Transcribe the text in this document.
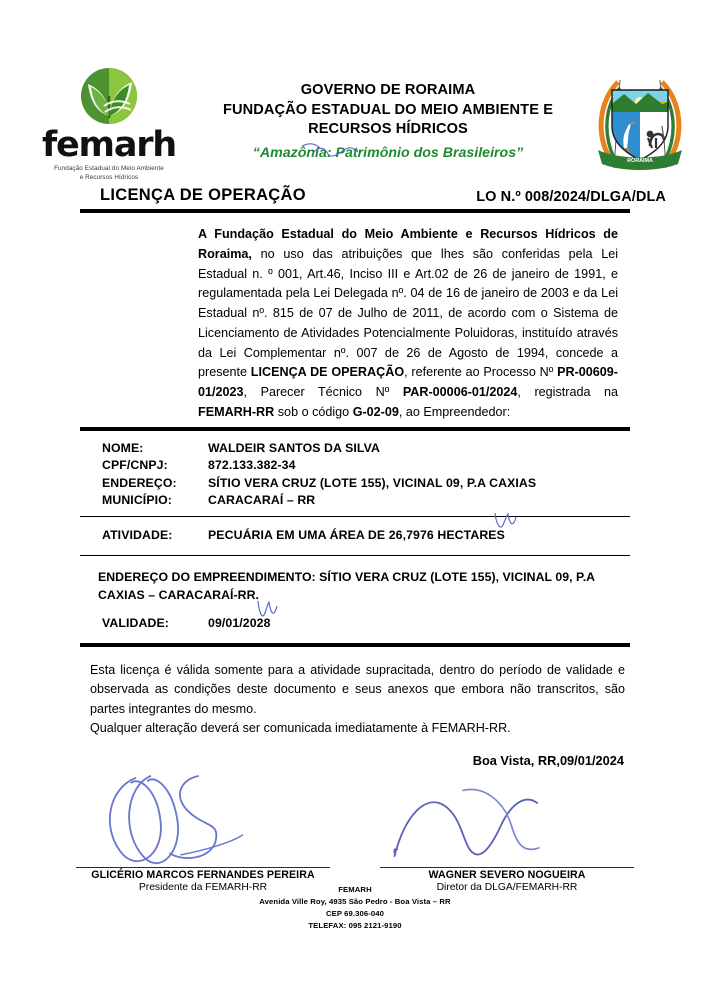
femarh
Fundação Estadual do Meio Ambiente
e Recursos Hídricos
GOVERNO DE RORAIMA
FUNDAÇÃO ESTADUAL DO MEIO AMBIENTE E
RECURSOS HÍDRICOS
“Amazônia: Patrimônio dos Brasileiros”
RORAIMA
LICENÇA DE OPERAÇÃO	LO N.º 008/2024/DLGA/DLA
A Fundação Estadual do Meio Ambiente e Recursos Hídricos de Roraima, no uso das atribuições que lhes são conferidas pela Lei Estadual n. º 001, Art.46, Inciso III e Art.02 de 26 de janeiro de 1991, e regulamentada pela Lei Delegada nº. 04 de 16 de janeiro de 2003 e da Lei Estadual nº. 815 de 07 de Julho de 2011, de acordo com o Sistema de Licenciamento de Atividades Potencialmente Poluidoras, instituído através da Lei Complementar nº. 007 de 26 de Agosto de 1994, concede a presente LICENÇA DE OPERAÇÃO, referente ao Processo Nº PR-00609-01/2023, Parecer Técnico Nº PAR-00006-01/2024, registrada na FEMARH-RR sob o código G-02-09, ao Empreendedor:
NOME:	WALDEIR SANTOS DA SILVA
CPF/CNPJ:	872.133.382-34
ENDEREÇO:	SÍTIO VERA CRUZ (LOTE 155), VICINAL 09, P.A CAXIAS
MUNICÍPIO:	CARACARAÍ – RR
ATIVIDADE:	PECUÁRIA EM UMA ÁREA DE 26,7976 HECTARES
ENDEREÇO DO EMPREENDIMENTO: SÍTIO VERA CRUZ (LOTE 155), VICINAL 09, P.A
CAXIAS – CARACARAÍ-RR.
VALIDADE:	09/01/2028
Esta licença é válida somente para a atividade supracitada, dentro do período de validade e observada as condições deste documento e seus anexos que embora não transcritos, são partes integrantes do mesmo.
Qualquer alteração deverá ser comunicada imediatamente à FEMARH-RR.
Boa Vista, RR,09/01/2024
GLICÉRIO MARCOS FERNANDES PEREIRA
Presidente da FEMARH-RR
WAGNER SEVERO NOGUEIRA
Diretor da DLGA/FEMARH-RR
FEMARH
Avenida Ville Roy, 4935 São Pedro - Boa Vista – RR
CEP 69.306-040
TELEFAX: 095 2121-9190
